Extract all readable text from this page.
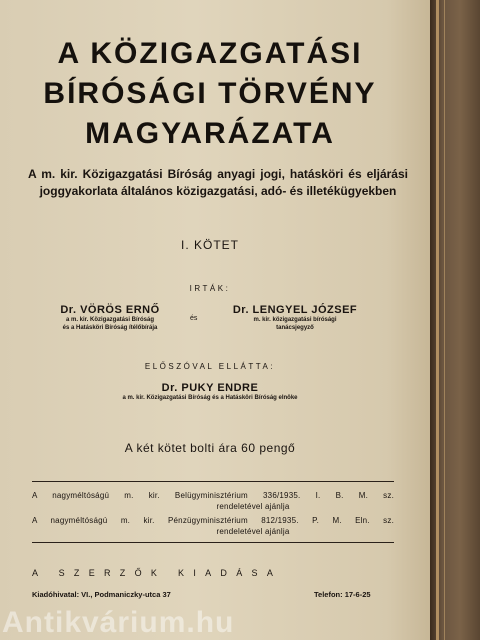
A KÖZIGAZGATÁSI
BÍRÓSÁGI TÖRVÉNY
MAGYARÁZATA
A m. kir. Közigazgatási Bíróság anyagi jogi, hatásköri és eljárási joggyakorlata általános közigazgatási, adó- és illetékügyekben
I. KÖTET
IRTÁK:
Dr. VÖRÖS ERNŐ
a m. kir. Közigazgatási Bíróság
és a Hatásköri Bíróság ítélőbírája
és
Dr. LENGYEL JÓZSEF
m. kir. közigazgatási bírósági
tanácsjegyző
ELŐSZÓVAL ELLÁTTA:
Dr. PUKY ENDRE
a m. kir. Közigazgatási Bíróság és a Hatásköri Bíróság elnöke
A két kötet bolti ára 60 pengő
A nagyméltóságú m. kir. Belügyminisztérium 336/1935. I. B. M. sz.
rendeletével ajánlja
A nagyméltóságú m. kir. Pénzügyminisztérium 812/1935. P. M. Eln. sz.
rendeletével ajánlja
A SZERZŐK KIADÁSA
Kiadóhivatal: VI., Podmaniczky-utca 37	Telefon: 17-6-25
Antikvárium.hu
